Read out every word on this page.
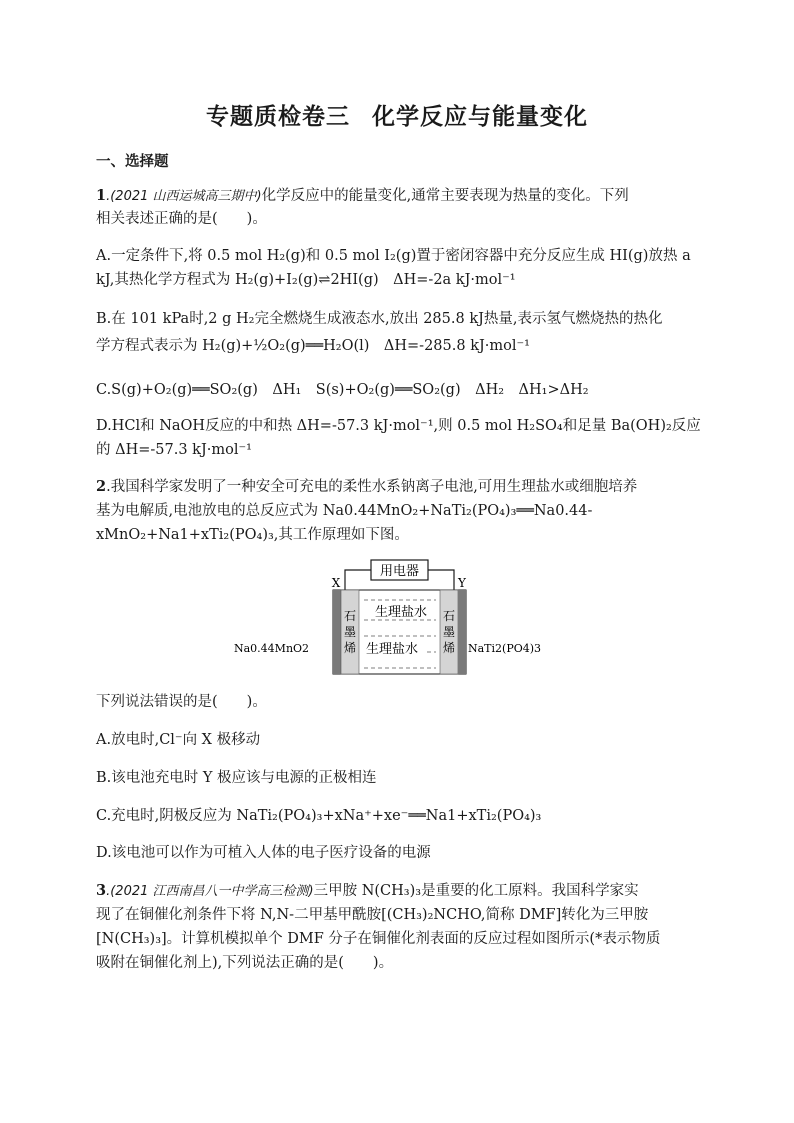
专题质检卷三 化学反应与能量变化
一、选择题
1.(2021 山西运城高三期中)化学反应中的能量变化,通常主要表现为热量的变化。下列
相关表述正确的是(　　)。
A.一定条件下,将 0.5 mol H₂(g)和 0.5 mol I₂(g)置于密闭容器中充分反应生成 HI(g)放热 a
kJ,其热化学方程式为 H₂(g)+I₂(g)⇌2HI(g)　ΔH=-2a kJ·mol⁻¹
B.在 101 kPa时,2 g H₂完全燃烧生成液态水,放出 285.8 kJ热量,表示氢气燃烧热的热化
学方程式表示为 H₂(g)+½O₂(g)══H₂O(l)　ΔH=-285.8 kJ·mol⁻¹
C.S(g)+O₂(g)══SO₂(g)　ΔH₁　S(s)+O₂(g)══SO₂(g)　ΔH₂　ΔH₁>ΔH₂
D.HCl和 NaOH反应的中和热 ΔH=-57.3 kJ·mol⁻¹,则 0.5 mol H₂SO₄和足量 Ba(OH)₂反应
的 ΔH=-57.3 kJ·mol⁻¹
2.我国科学家发明了一种安全可充电的柔性水系钠离子电池,可用生理盐水或细胞培养
基为电解质,电池放电的总反应式为 Na0.44MnO₂+NaTi₂(PO₄)₃══Na0.44-
xMnO₂+Na1+xTi₂(PO₄)₃,其工作原理如下图。
用电器
X	Y
石
墨
烯
石
墨
烯
生理盐水
生理盐水
Na0.44MnO2	NaTi2(PO4)3
下列说法错误的是(　　)。
A.放电时,Cl⁻向 X 极移动
B.该电池充电时 Y 极应该与电源的正极相连
C.充电时,阴极反应为 NaTi₂(PO₄)₃+xNa⁺+xe⁻══Na1+xTi₂(PO₄)₃
D.该电池可以作为可植入人体的电子医疗设备的电源
3.(2021 江西南昌八一中学高三检测)三甲胺 N(CH₃)₃是重要的化工原料。我国科学家实
现了在铜催化剂条件下将 N,N-二甲基甲酰胺[(CH₃)₂NCHO,简称 DMF]转化为三甲胺
[N(CH₃)₃]。计算机模拟单个 DMF 分子在铜催化剂表面的反应过程如图所示(*表示物质
吸附在铜催化剂上),下列说法正确的是(　　)。
